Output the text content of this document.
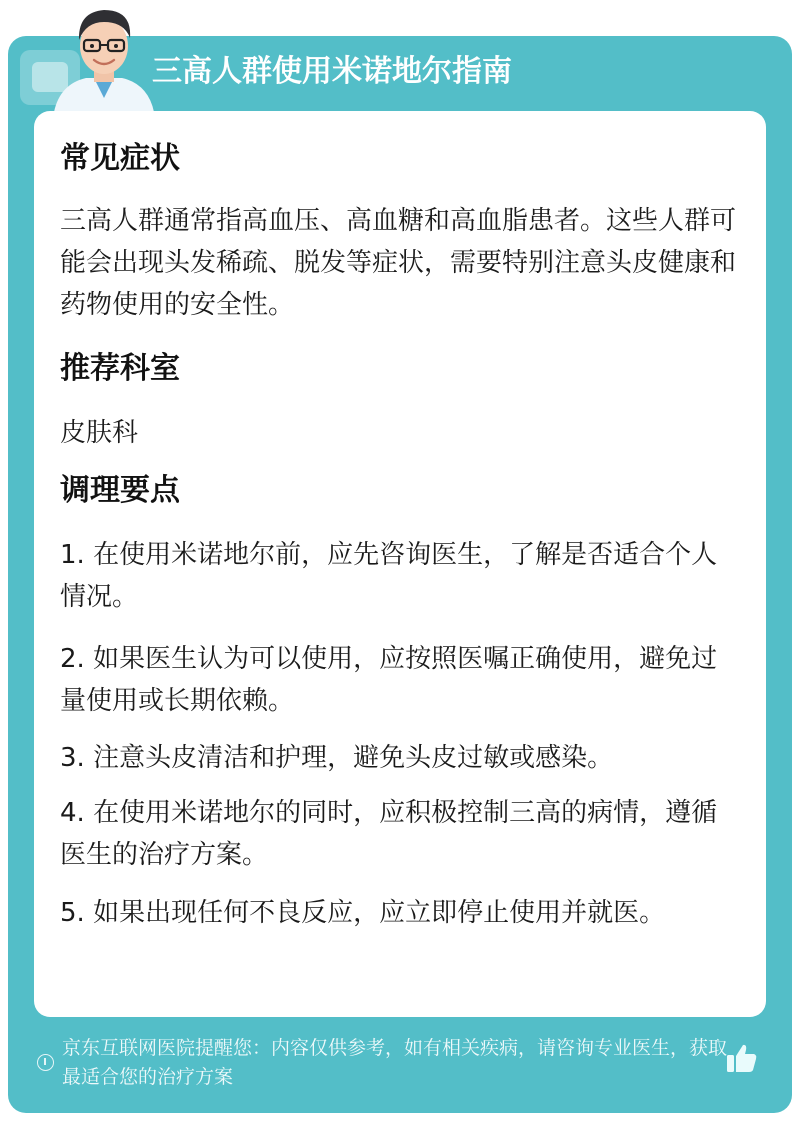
三高人群使用米诺地尔指南
常见症状
三高人群通常指高血压、高血糖和高血脂患者。这些人群可能会出现头发稀疏、脱发等症状，需要特别注意头皮健康和药物使用的安全性。
推荐科室
皮肤科
调理要点
1. 在使用米诺地尔前，应先咨询医生，了解是否适合个人情况。
2. 如果医生认为可以使用，应按照医嘱正确使用，避免过量使用或长期依赖。
3. 注意头皮清洁和护理，避免头皮过敏或感染。
4. 在使用米诺地尔的同时，应积极控制三高的病情，遵循医生的治疗方案。
5. 如果出现任何不良反应，应立即停止使用并就医。
京东互联网医院提醒您：内容仅供参考，如有相关疾病，请咨询专业医生，获取最适合您的治疗方案
